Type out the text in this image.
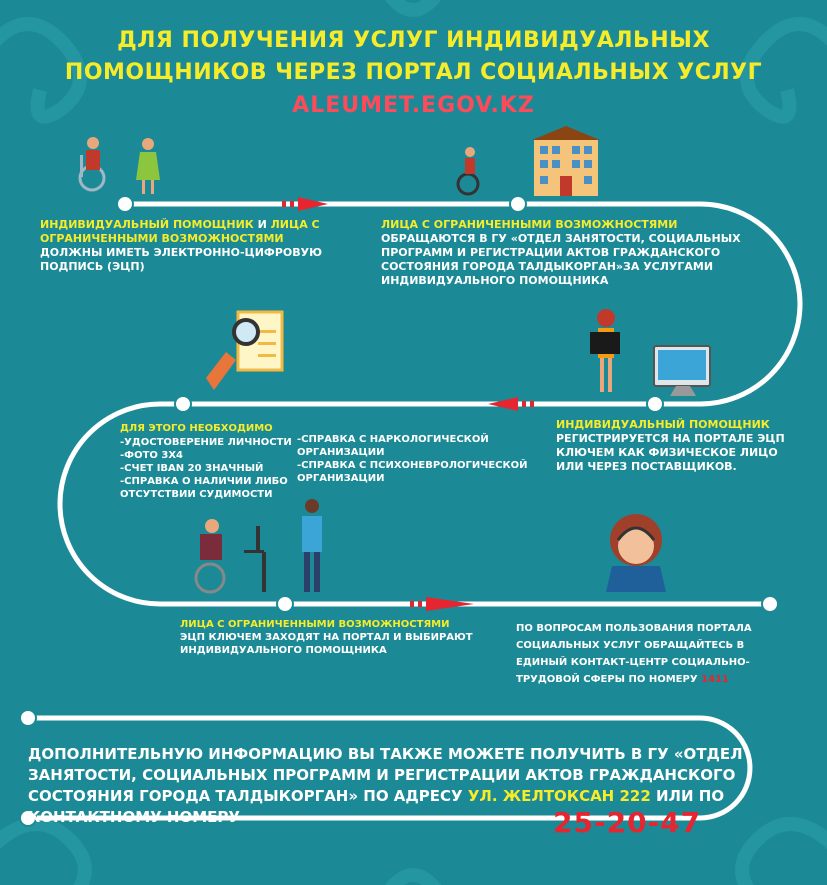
ДЛЯ ПОЛУЧЕНИЯ УСЛУГ ИНДИВИДУАЛЬНЫХ
ПОМОЩНИКОВ ЧЕРЕЗ ПОРТАЛ СОЦИАЛЬНЫХ УСЛУГ
ALEUMET.EGOV.KZ
ИНДИВИДУАЛЬНЫЙ ПОМОЩНИК И ЛИЦА С ОГРАНИЧЕННЫМИ ВОЗМОЖНОСТЯМИ
ДОЛЖНЫ ИМЕТЬ ЭЛЕКТРОННО-ЦИФРОВУЮ ПОДПИСЬ (ЭЦП)
ЛИЦА С ОГРАНИЧЕННЫМИ ВОЗМОЖНОСТЯМИ
ОБРАЩАЮТСЯ В ГУ «ОТДЕЛ ЗАНЯТОСТИ, СОЦИАЛЬНЫХ ПРОГРАММ И РЕГИСТРАЦИИ АКТОВ ГРАЖДАНСКОГО СОСТОЯНИЯ ГОРОДА ТАЛДЫКОРГАН»ЗА УСЛУГАМИ ИНДИВИДУАЛЬНОГО ПОМОЩНИКА
ИНДИВИДУАЛЬНЫЙ ПОМОЩНИК
РЕГИСТРИРУЕТСЯ НА ПОРТАЛЕ ЭЦП КЛЮЧЕМ КАК ФИЗИЧЕСКОЕ ЛИЦО ИЛИ ЧЕРЕЗ ПОСТАВЩИКОВ.
ДЛЯ ЭТОГО НЕОБХОДИМО
-УДОСТОВЕРЕНИЕ ЛИЧНОСТИ
-ФОТО 3Х4
-СЧЕТ IBAN 20 ЗНАЧНЫЙ
-СПРАВКА О НАЛИЧИИ ЛИБО
ОТСУТСТВИИ СУДИМОСТИ
-СПРАВКА С НАРКОЛОГИЧЕСКОЙ
ОРГАНИЗАЦИИ
-СПРАВКА С ПСИХОНЕВРОЛОГИЧЕСКОЙ
ОРГАНИЗАЦИИ
ЛИЦА С ОГРАНИЧЕННЫМИ ВОЗМОЖНОСТЯМИ
ЭЦП КЛЮЧЕМ ЗАХОДЯТ НА ПОРТАЛ И ВЫБИРАЮТ ИНДИВИДУАЛЬНОГО ПОМОЩНИКА
ПО ВОПРОСАМ ПОЛЬЗОВАНИЯ ПОРТАЛА СОЦИАЛЬНЫХ УСЛУГ ОБРАЩАЙТЕСЬ В ЕДИНЫЙ КОНТАКТ-ЦЕНТР СОЦИАЛЬНО-ТРУДОВОЙ СФЕРЫ ПО НОМЕРУ 1411
ДОПОЛНИТЕЛЬНУЮ ИНФОРМАЦИЮ ВЫ ТАКЖЕ МОЖЕТЕ ПОЛУЧИТЬ В ГУ «ОТДЕЛ ЗАНЯТОСТИ, СОЦИАЛЬНЫХ ПРОГРАММ И РЕГИСТРАЦИИ АКТОВ ГРАЖДАНСКОГО СОСТОЯНИЯ ГОРОДА ТАЛДЫКОРГАН» ПО АДРЕСУ УЛ. ЖЕЛТОКСАН 222 ИЛИ ПО КОНТАКТНОМУ НОМЕРУ	25-20-47
